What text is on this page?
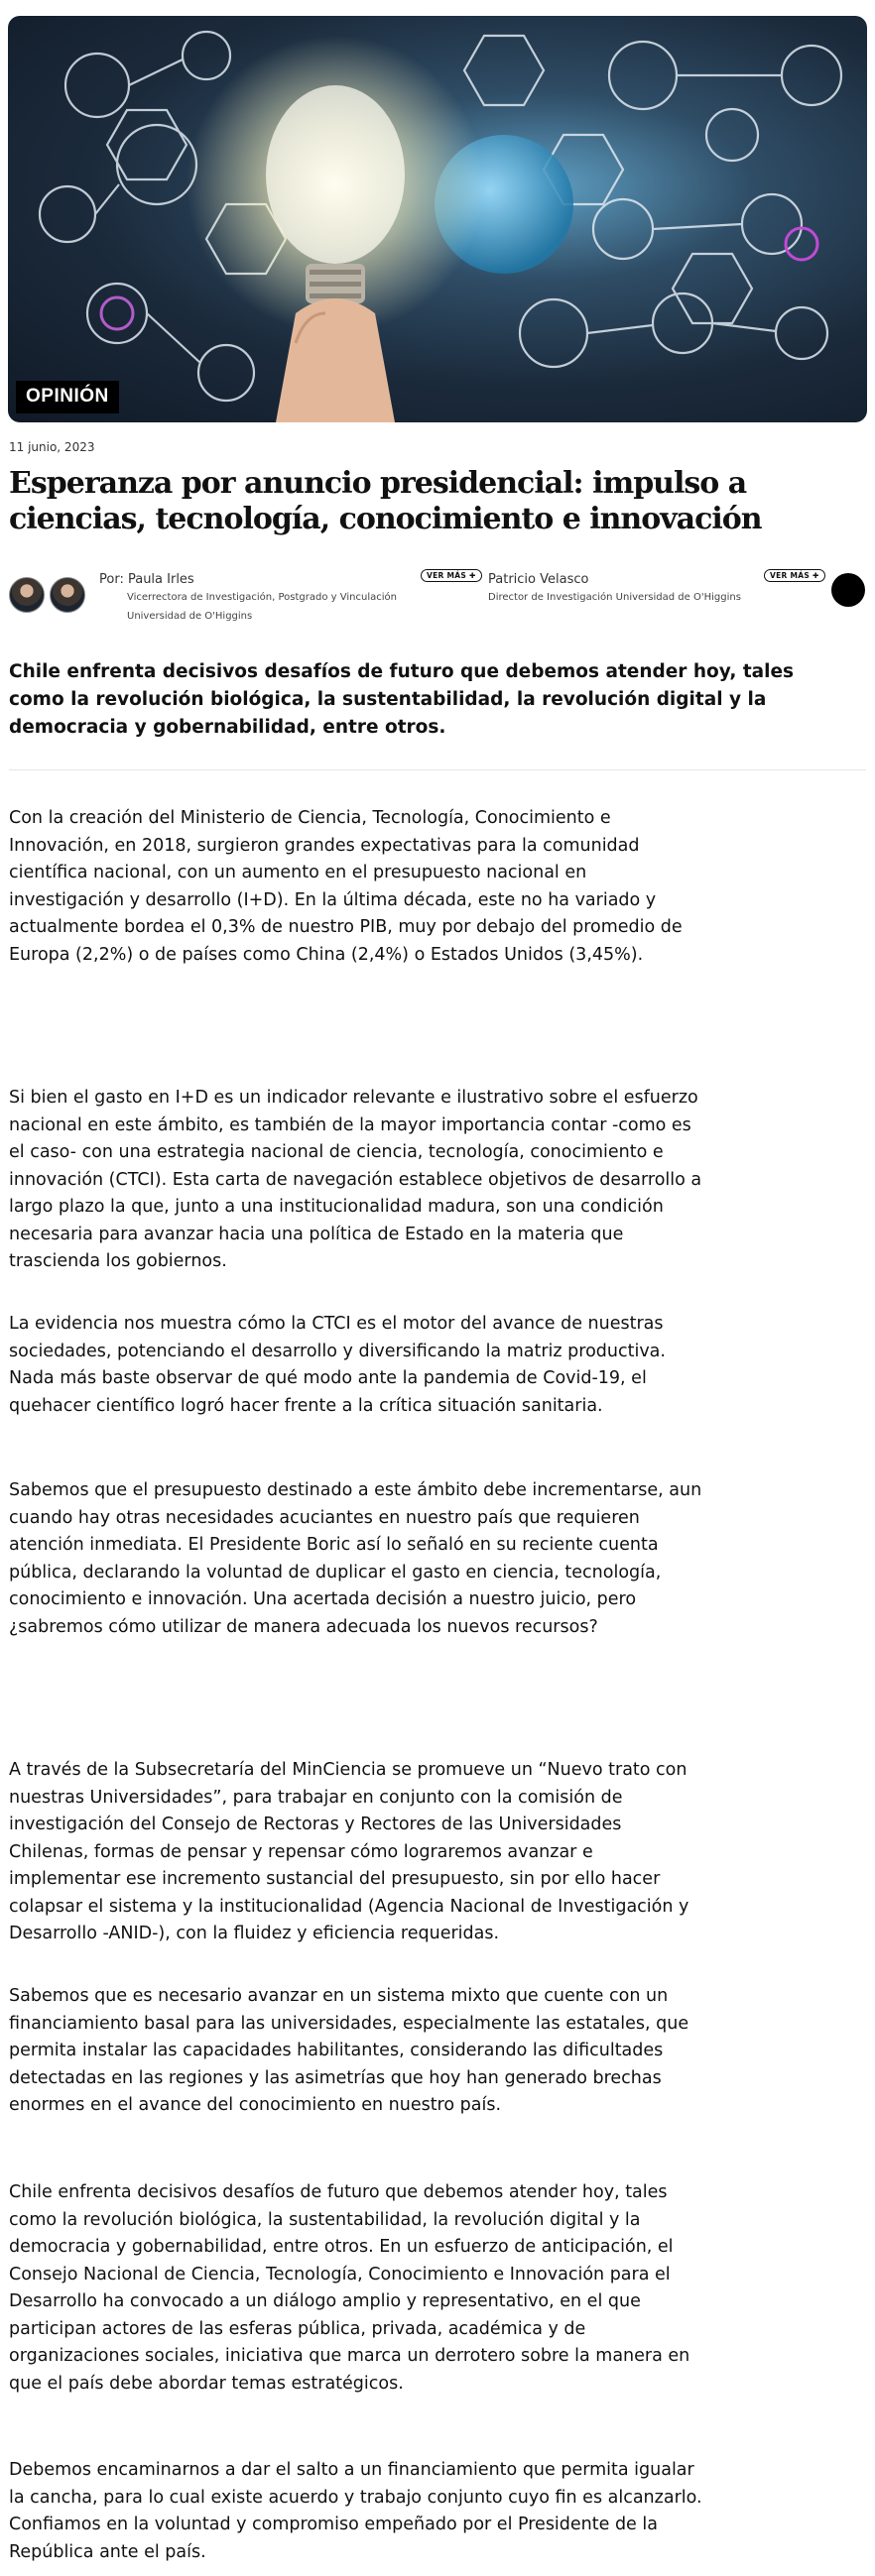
OPINIÓN
11 junio, 2023
Esperanza por anuncio presidencial: impulso a ciencias, tecnología, conocimiento e innovación
Por: Paula Irles
Vicerrectora de Investigación, Postgrado y Vinculación
Universidad de O'Higgins
VER MÁS ✚ Patricio Velasco
Director de Investigación Universidad de O'Higgins
VER MÁS ✚

Chile enfrenta decisivos desafíos de futuro que debemos atender hoy, tales como la revolución biológica, la sustentabilidad, la revolución digital y la democracia y gobernabilidad, entre otros.

Con la creación del Ministerio de Ciencia, Tecnología, Conocimiento e Innovación, en 2018, surgieron grandes expectativas para la comunidad científica nacional, con un aumento en el presupuesto nacional en investigación y desarrollo (I+D). En la última década, este no ha variado y actualmente bordea el 0,3% de nuestro PIB, muy por debajo del promedio de Europa (2,2%) o de países como China (2,4%) o Estados Unidos (3,45%).

Si bien el gasto en I+D es un indicador relevante e ilustrativo sobre el esfuerzo nacional en este ámbito, es también de la mayor importancia contar -como es el caso- con una estrategia nacional de ciencia, tecnología, conocimiento e innovación (CTCI). Esta carta de navegación establece objetivos de desarrollo a largo plazo la que, junto a una institucionalidad madura, son una condición necesaria para avanzar hacia una política de Estado en la materia que trascienda los gobiernos.

La evidencia nos muestra cómo la CTCI es el motor del avance de nuestras sociedades, potenciando el desarrollo y diversificando la matriz productiva. Nada más baste observar de qué modo ante la pandemia de Covid-19, el quehacer científico logró hacer frente a la crítica situación sanitaria.

Sabemos que el presupuesto destinado a este ámbito debe incrementarse, aun cuando hay otras necesidades acuciantes en nuestro país que requieren atención inmediata. El Presidente Boric así lo señaló en su reciente cuenta pública, declarando la voluntad de duplicar el gasto en ciencia, tecnología, conocimiento e innovación. Una acertada decisión a nuestro juicio, pero ¿sabremos cómo utilizar de manera adecuada los nuevos recursos?

A través de la Subsecretaría del MinCiencia se promueve un “Nuevo trato con nuestras Universidades”, para trabajar en conjunto con la comisión de investigación del Consejo de Rectoras y Rectores de las Universidades Chilenas, formas de pensar y repensar cómo lograremos avanzar e implementar ese incremento sustancial del presupuesto, sin por ello hacer colapsar el sistema y la institucionalidad (Agencia Nacional de Investigación y Desarrollo -ANID-), con la fluidez y eficiencia requeridas.

Sabemos que es necesario avanzar en un sistema mixto que cuente con un financiamiento basal para las universidades, especialmente las estatales, que permita instalar las capacidades habilitantes, considerando las dificultades detectadas en las regiones y las asimetrías que hoy han generado brechas enormes en el avance del conocimiento en nuestro país.

Chile enfrenta decisivos desafíos de futuro que debemos atender hoy, tales como la revolución biológica, la sustentabilidad, la revolución digital y la democracia y gobernabilidad, entre otros. En un esfuerzo de anticipación, el Consejo Nacional de Ciencia, Tecnología, Conocimiento e Innovación para el Desarrollo ha convocado a un diálogo amplio y representativo, en el que participan actores de las esferas pública, privada, académica y de organizaciones sociales, iniciativa que marca un derrotero sobre la manera en que el país debe abordar temas estratégicos.

Debemos encaminarnos a dar el salto a un financiamiento que permita igualar la cancha, para lo cual existe acuerdo y trabajo conjunto cuyo fin es alcanzarlo. Confiamos en la voluntad y compromiso empeñado por el Presidente de la República ante el país.
